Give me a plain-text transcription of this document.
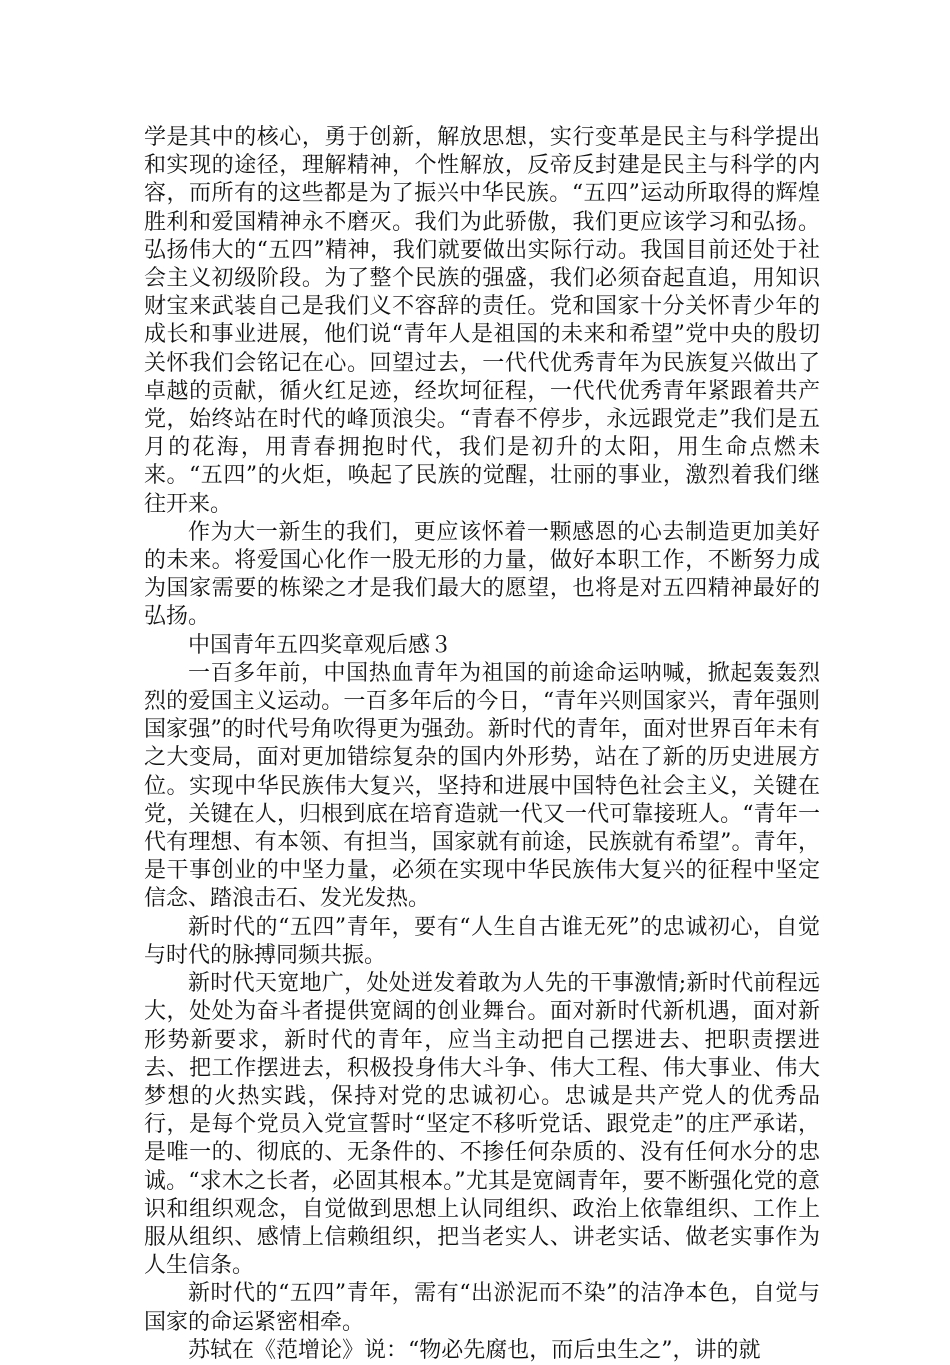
学是其中的核心，勇于创新，解放思想，实行变革是民主与科学提出和实现的途径，理解精神，个性解放，反帝反封建是民主与科学的内容，而所有的这些都是为了振兴中华民族。“五四”运动所取得的辉煌胜利和爱国精神永不磨灭。我们为此骄傲，我们更应该学习和弘扬。弘扬伟大的“五四”精神，我们就要做出实际行动。我国目前还处于社会主义初级阶段。为了整个民族的强盛，我们必须奋起直追，用知识财宝来武装自己是我们义不容辞的责任。党和国家十分关怀青少年的成长和事业进展，他们说“青年人是祖国的未来和希望”党中央的殷切关怀我们会铭记在心。回望过去，一代代优秀青年为民族复兴做出了卓越的贡献，循火红足迹，经坎坷征程，一代代优秀青年紧跟着共产党，始终站在时代的峰顶浪尖。“青春不停步，永远跟党走”我们是五月的花海，用青春拥抱时代，我们是初升的太阳，用生命点燃未来。“五四”的火炬，唤起了民族的觉醒，壮丽的事业，激烈着我们继往开来。

作为大一新生的我们，更应该怀着一颗感恩的心去制造更加美好的未来。将爱国心化作一股无形的力量，做好本职工作，不断努力成为国家需要的栋梁之才是我们最大的愿望，也将是对五四精神最好的弘扬。

中国青年五四奖章观后感３

一百多年前，中国热血青年为祖国的前途命运呐喊，掀起轰轰烈烈的爱国主义运动。一百多年后的今日，“青年兴则国家兴，青年强则国家强”的时代号角吹得更为强劲。新时代的青年，面对世界百年未有之大变局，面对更加错综复杂的国内外形势，站在了新的历史进展方位。实现中华民族伟大复兴，坚持和进展中国特色社会主义，关键在党，关键在人，归根到底在培育造就一代又一代可靠接班人。“青年一代有理想、有本领、有担当，国家就有前途，民族就有希望”。青年，是干事创业的中坚力量，必须在实现中华民族伟大复兴的征程中坚定信念、踏浪击石、发光发热。

新时代的“五四”青年，要有“人生自古谁无死”的忠诚初心，自觉与时代的脉搏同频共振。

新时代天宽地广，处处迸发着敢为人先的干事激情;新时代前程远大，处处为奋斗者提供宽阔的创业舞台。面对新时代新机遇，面对新形势新要求，新时代的青年，应当主动把自己摆进去、把职责摆进去、把工作摆进去，积极投身伟大斗争、伟大工程、伟大事业、伟大梦想的火热实践，保持对党的忠诚初心。忠诚是共产党人的优秀品行，是每个党员入党宣誓时“坚定不移听党话、跟党走”的庄严承诺，是唯一的、彻底的、无条件的、不掺任何杂质的、没有任何水分的忠诚。“求木之长者，必固其根本。”尤其是宽阔青年，要不断强化党的意识和组织观念，自觉做到思想上认同组织、政治上依靠组织、工作上服从组织、感情上信赖组织，把当老实人、讲老实话、做老实事作为人生信条。

新时代的“五四”青年，需有“出淤泥而不染”的洁净本色，自觉与国家的命运紧密相牵。

苏轼在《范增论》说：“物必先腐也，而后虫生之”，讲的就
